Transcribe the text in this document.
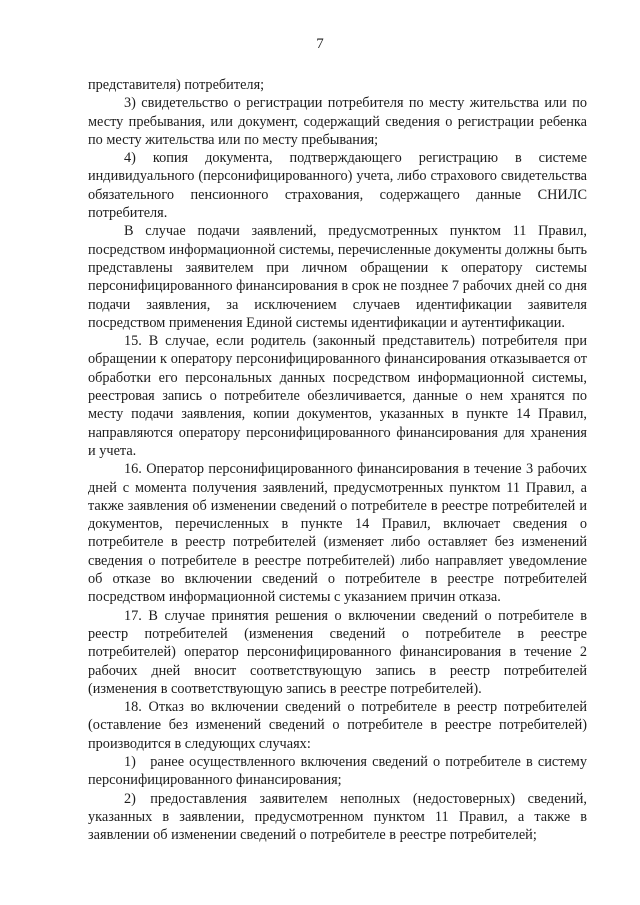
7

представителя) потребителя;

3) свидетельство о регистрации потребителя по месту жительства или по месту пребывания, или документ, содержащий сведения о регистрации ребенка по месту жительства или по месту пребывания;

4) копия документа, подтверждающего регистрацию в системе индивидуального (персонифицированного) учета, либо страхового свидетельства обязательного пенсионного страхования, содержащего данные СНИЛС потребителя.

В случае подачи заявлений, предусмотренных пунктом 11 Правил, посредством информационной системы, перечисленные документы должны быть представлены заявителем при личном обращении к оператору системы персонифицированного финансирования в срок не позднее 7 рабочих дней со дня подачи заявления, за исключением случаев идентификации заявителя посредством применения Единой системы идентификации и аутентификации.

15. В случае, если родитель (законный представитель) потребителя при обращении к оператору персонифицированного финансирования отказывается от обработки его персональных данных посредством информационной системы, реестровая запись о потребителе обезличивается, данные о нем хранятся по месту подачи заявления, копии документов, указанных в пункте 14 Правил, направляются оператору персонифицированного финансирования для хранения и учета.

16. Оператор персонифицированного финансирования в течение 3 рабочих дней с момента получения заявлений, предусмотренных пунктом 11 Правил, а также заявления об изменении сведений о потребителе в реестре потребителей и документов, перечисленных в пункте 14 Правил, включает сведения о потребителе в реестр потребителей (изменяет либо оставляет без изменений сведения о потребителе в реестре потребителей) либо направляет уведомление об отказе во включении сведений о потребителе в реестре потребителей посредством информационной системы с указанием причин отказа.

17. В случае принятия решения о включении сведений о потребителе в реестр потребителей (изменения сведений о потребителе в реестре потребителей) оператор персонифицированного финансирования в течение 2 рабочих дней вносит соответствующую запись в реестр потребителей (изменения в соответствующую запись в реестре потребителей).

18. Отказ во включении сведений о потребителе в реестр потребителей (оставление без изменений сведений о потребителе в реестре потребителей) производится в следующих случаях:

1) ранее осуществленного включения сведений о потребителе в систему персонифицированного финансирования;

2) предоставления заявителем неполных (недостоверных) сведений, указанных в заявлении, предусмотренном пунктом 11 Правил, а также в заявлении об изменении сведений о потребителе в реестре потребителей;
